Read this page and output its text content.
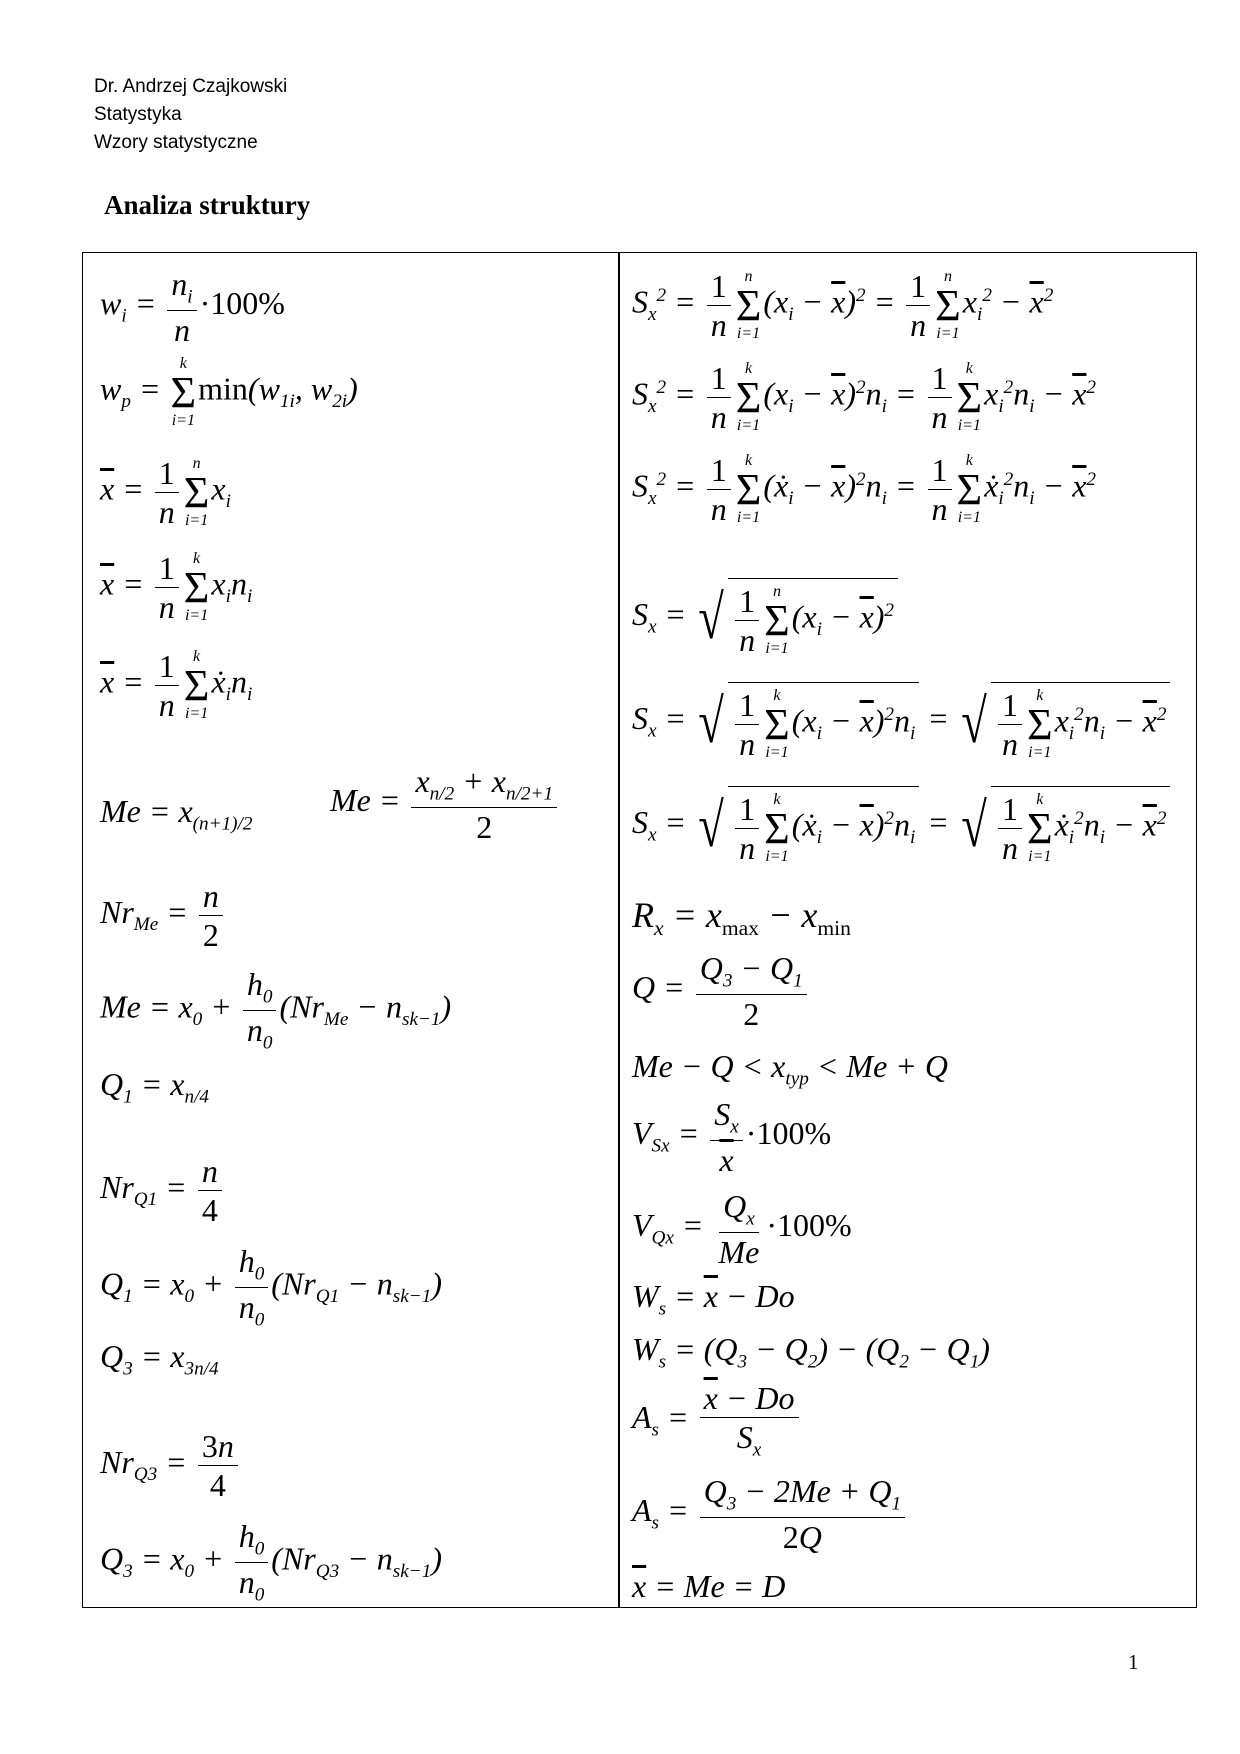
Dr. Andrzej Czajkowski
Statystyka
Wzory statystyczne
Analiza struktury
$w_i = \frac{n_i}{n} \cdot 100\%$
$w_p$ =
k
Σ
i=1
$\min(w_{1i}$, $w_{2i}$)
$\overline{x} = \frac{1}{n}$ n
Σ
i=1
$x_i$
$\overline{x} = \frac{1}{n}$ k
Σ
i=1
$x_in_i$
$\overline{x} = \frac{1}{n}$ k
Σ
i=1
$ẋ_in_i$
$Me = x_{(n+1)/2}$
$Me = \frac{x_{n/2} + x_{n/2+1}}{2}$
$Nr_{Me} = \frac{n}{2}$
$Me = x_0 + \frac{h_0}{n_0} (Nr_{Me} - n_{sk-1})$
$Q_1 = x_{n/4}$
$Nr_{Q1} = \frac{n}{4}$
$Q_1 = x_0 + \frac{h_0}{n_0} (Nr_{Q1} - n_{sk-1})$
$Q_3 = x_{3n/4}$
$Nr_{Q3} = \frac{3n}{4}$
$Q_3 = x_0 + \frac{h_0}{n_0} (Nr_{Q3} - n_{sk-1})$
$S_x^2 = \frac{1}{n}$ n
Σ
i=1
$(x_i - \overline{x})^2 = \frac{1}{n}$ n
Σ
i=1
$x_i^2 - \overline{x}^2$
$S_x^2 = \frac{1}{n}$ k
Σ
i=1
$(x_i - \overline{x})^2n_i = \frac{1}{n}$ k
Σ
i=1
$x_i^2n_i - \overline{x}^2$
$S_x^2 = \frac{1}{n}$ k
Σ
i=1
(ẋ$_i$ − $\overline{x})^2n_i = \frac{1}{n}$ k
Σ
i=1
$ẋ_i^2n_i - \overline{x}^2$
$S_x$ = √ $\frac{1}{n}$ n
Σ
i=1
$(x_i - \overline{x})^2$
$S_x$ = √ $\frac{1}{n}$ k
Σ
i=1
$(x_i - \overline{x})^2n_i$ = √ $\frac{1}{n}$ k
Σ
i=1
$x_i^2n_i - \overline{x}^2$
$S_x$ = √ $\frac{1}{n}$ k
Σ
i=1
(ẋ$_i$ − $\overline{x})^2n_i$ = √ $\frac{1}{n}$ k
Σ
i=1
$ẋ_i^2n_i - \overline{x}^2$
$R_x = x_{max} - x_{min}$
$Q = \frac{Q_3 - Q_1}{2}$
$Me - Q < x_{typ} < Me + Q$
$V_{Sx} = \frac{S_x}{x} \cdot 100\%$
$V_{Qx} = \frac{Q_x}{Me} \cdot 100\%$
$W_s = \overline{x} - Do$
$W_s = (Q_3 - Q_2) - (Q_2 - Q_1)$
$A_s = \frac{\overline{x} - Do}{S_x}$
$A_s = \frac{Q_3 - 2Me + Q_1}{2Q}$
$\overline{x} = Me = D$
1
